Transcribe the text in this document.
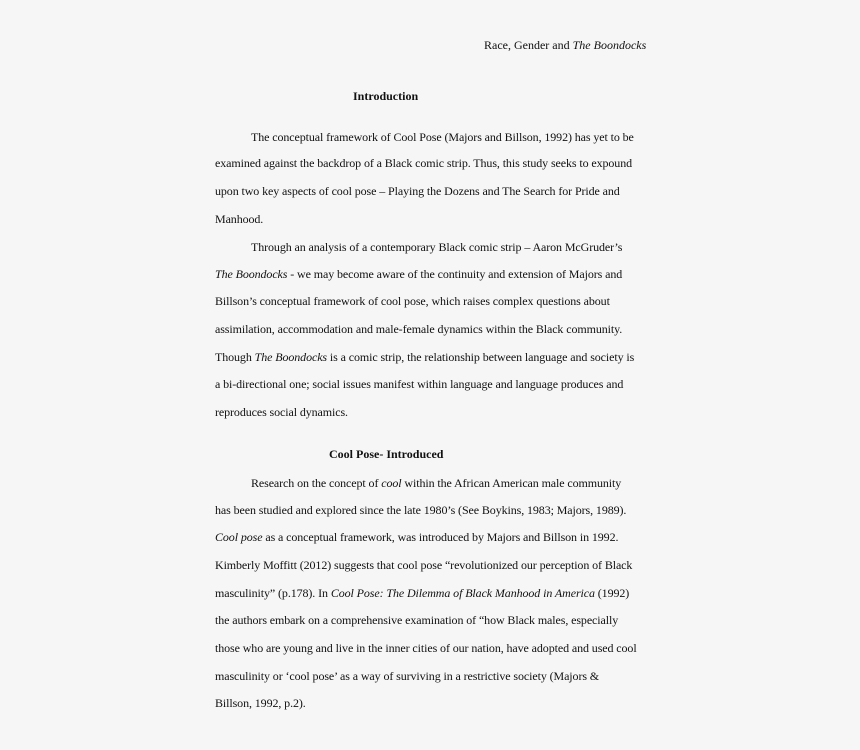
Race, Gender and The Boondocks
Introduction
The conceptual framework of Cool Pose (Majors and Billson, 1992) has yet to be
examined against the backdrop of a Black comic strip. Thus, this study seeks to expound
upon two key aspects of cool pose – Playing the Dozens and The Search for Pride and
Manhood.
Through an analysis of a contemporary Black comic strip – Aaron McGruder’s
The Boondocks - we may become aware of the continuity and extension of Majors and
Billson’s conceptual framework of cool pose, which raises complex questions about
assimilation, accommodation and male-female dynamics within the Black community.
Though The Boondocks is a comic strip, the relationship between language and society is
a bi-directional one; social issues manifest within language and language produces and
reproduces social dynamics.
Cool Pose- Introduced
Research on the concept of cool within the African American male community
has been studied and explored since the late 1980’s (See Boykins, 1983; Majors, 1989).
Cool pose as a conceptual framework, was introduced by Majors and Billson in 1992.
Kimberly Moffitt (2012) suggests that cool pose “revolutionized our perception of Black
masculinity” (p.178). In Cool Pose: The Dilemma of Black Manhood in America (1992)
the authors embark on a comprehensive examination of “how Black males, especially
those who are young and live in the inner cities of our nation, have adopted and used cool
masculinity or ‘cool pose’ as a way of surviving in a restrictive society (Majors &
Billson, 1992, p.2).
